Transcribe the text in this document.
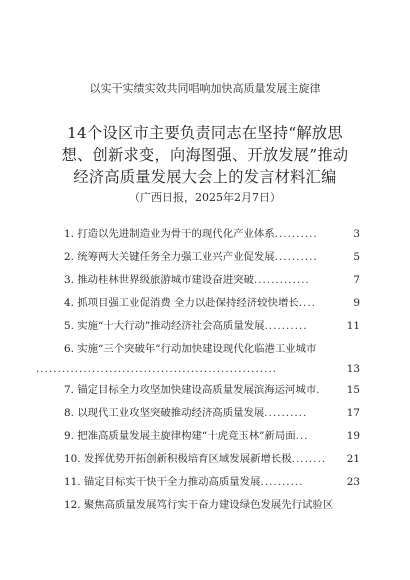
以实干实绩实效共同唱响加快高质量发展主旋律
14个设区市主要负责同志在坚持“解放思想、创新求变，向海图强、开放发展”推动经济高质量发展大会上的发言材料汇编
（广西日报，2025年2月7日）
1. 打造以先进制造业为骨干的现代化产业体系..........	3
2. 统筹两大关键任务全力强工业兴产业促发展..........	5
3. 推动桂林世界级旅游城市建设奋进突破.............	7
4. 抓项目强工业促消费 全力以赴保持经济较快增长....	9
5. 实施“十大行动”推动经济社会高质量发展..........	11
6. 实施“三个突破年”行动加快建设现代化临港工业城市
........................................................	13
7. 锚定目标全力攻坚加快建设高质量发展滨海运河城市.	15
8. 以现代工业攻坚突破推动经济高质量发展..........	17
9. 把准高质量发展主旋律构建“十虎竞玉林”新局面...	19
10. 发挥优势开拓创新积极培育区域发展新增长极........ 21
11. 锚定目标实干快干全力推动高质量发展..........	23
12. 聚焦高质量发展笃行实干奋力建设绿色发展先行试验区
